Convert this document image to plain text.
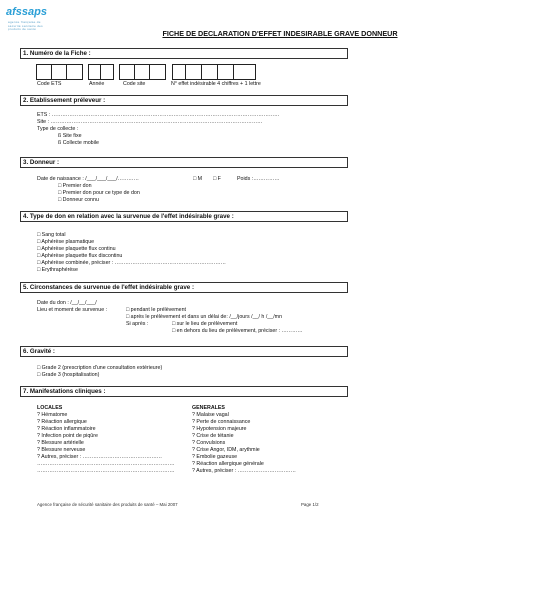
afssaps
agence française de sécurité sanitaire des produits de santé	FICHE DE DECLARATION D'EFFET INDESIRABLE GRAVE DONNEUR
1. Numéro de la Fiche :
Code ETS	Année	Code site	N° effet indésirable 4 chiffres + 1 lettre
2. Etablissement préleveur :
ETS : …………………………………………………………………………………………………………………
Site : …………………………………………………………………………………………………………
Type de collecte :
ß Site fixe
ß Collecte mobile
3. Donneur :
Date de naissance : /___/___/___/…………	□ M □ F	Poids :……………
□ Premier don
□ Premier don pour ce type de don
□ Donneur connu
4. Type de don en relation avec la survenue de l'effet indésirable grave :
□ Sang total
□ Aphérèse plasmatique
□ Aphérèse plaquette flux continu
□ Aphérèse plaquette flux discontinu
□ Aphérèse combinée, préciser : ………………………………………………………
□ Erythraphérèse
5. Circonstances de survenue de l'effet indésirable grave :
Date du don : /__/__/___/
Lieu et moment de survenue :	□ pendant le prélèvement
□ après le prélèvement et dans un délai de: /__/jours /__/ h /__/mn
Si après :	□ sur le lieu de prélèvement
□ en dehors du lieu de prélèvement, préciser : …………
6. Gravité :
□ Grade 2 (prescription d'une consultation extérieure)
□ Grade 3 (hospitalisation)
7. Manifestations cliniques :
LOCALES	GENERALES
? Hématome
? Réaction allergique
? Réaction inflammatoire
? Infection point de piqûre
? Blessure artérielle
? Blessure nerveuse
? Autres, préciser : ………………………………………
……………………………………………………………………
……………………………………………………………………
? Malaise vagal
? Perte de connaissance
? Hypotension majeure
? Crise de tétanie
? Convulsions
? Crise Angor, IDM, arythmie
? Embolie gazeuse
? Réaction allergique générale
? Autres, préciser : ……………………………
Agence française de sécurité sanitaire des produits de santé – Mai 2007	Page 1/2
